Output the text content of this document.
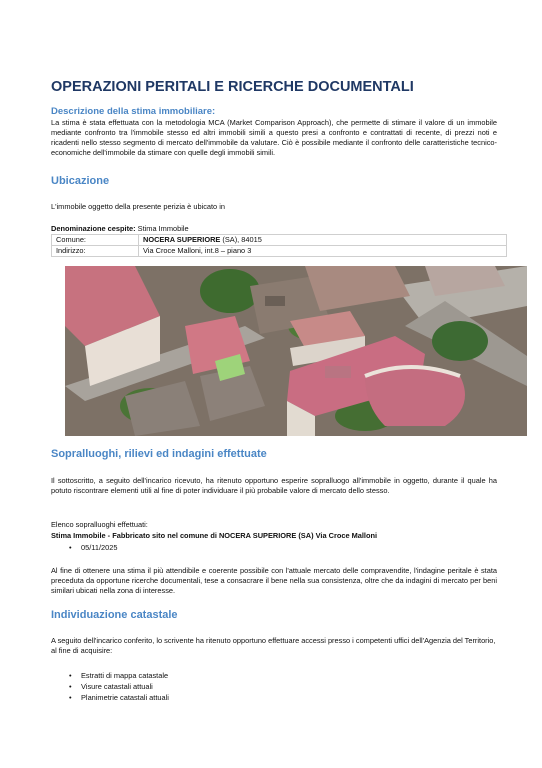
OPERAZIONI PERITALI E RICERCHE DOCUMENTALI
Descrizione della stima immobiliare:

La stima è stata effettuata con la metodologia MCA (Market Comparison Approach), che permette di stimare il valore di un immobile mediante confronto tra l'immobile stesso ed altri immobili simili a questo presi a confronto e contrattati di recente, di prezzi noti e ricadenti nello stesso segmento di mercato dell'immobile da valutare. Ciò è possibile mediante il confronto delle caratteristiche tecnico-economiche dell'immobile da stimare con quelle degli immobili simili.

Ubicazione

L'immobile oggetto della presente perizia è ubicato in

Denominazione cespite: Stima Immobile

Comune:	NOCERA SUPERIORE (SA), 84015
Indirizzo:	Via Croce Malloni, int.8 – piano 3
Sopralluoghi, rilievi ed indagini effettuate

Il sottoscritto, a seguito dell'incarico ricevuto, ha ritenuto opportuno esperire sopralluogo all'immobile in oggetto, durante il quale ha potuto riscontrare elementi utili al fine di poter individuare il più probabile valore di mercato dello stesso.

Elenco sopralluoghi effettuati:

Stima Immobile - Fabbricato sito nel comune di NOCERA SUPERIORE (SA) Via Croce Malloni

• 05/11/2025

Al fine di ottenere una stima il più attendibile e coerente possibile con l'attuale mercato delle compravendite, l'indagine peritale è stata preceduta da opportune ricerche documentali, tese a consacrare il bene nella sua consistenza, oltre che da indagini di mercato per beni similari ubicati nella zona di interesse.

Individuazione catastale

A seguito dell'incarico conferito, lo scrivente ha ritenuto opportuno effettuare accessi presso i competenti uffici dell'Agenzia del Territorio, al fine di acquisire:

• Estratti di mappa catastale
• Visure catastali attuali
• Planimetrie catastali attuali
